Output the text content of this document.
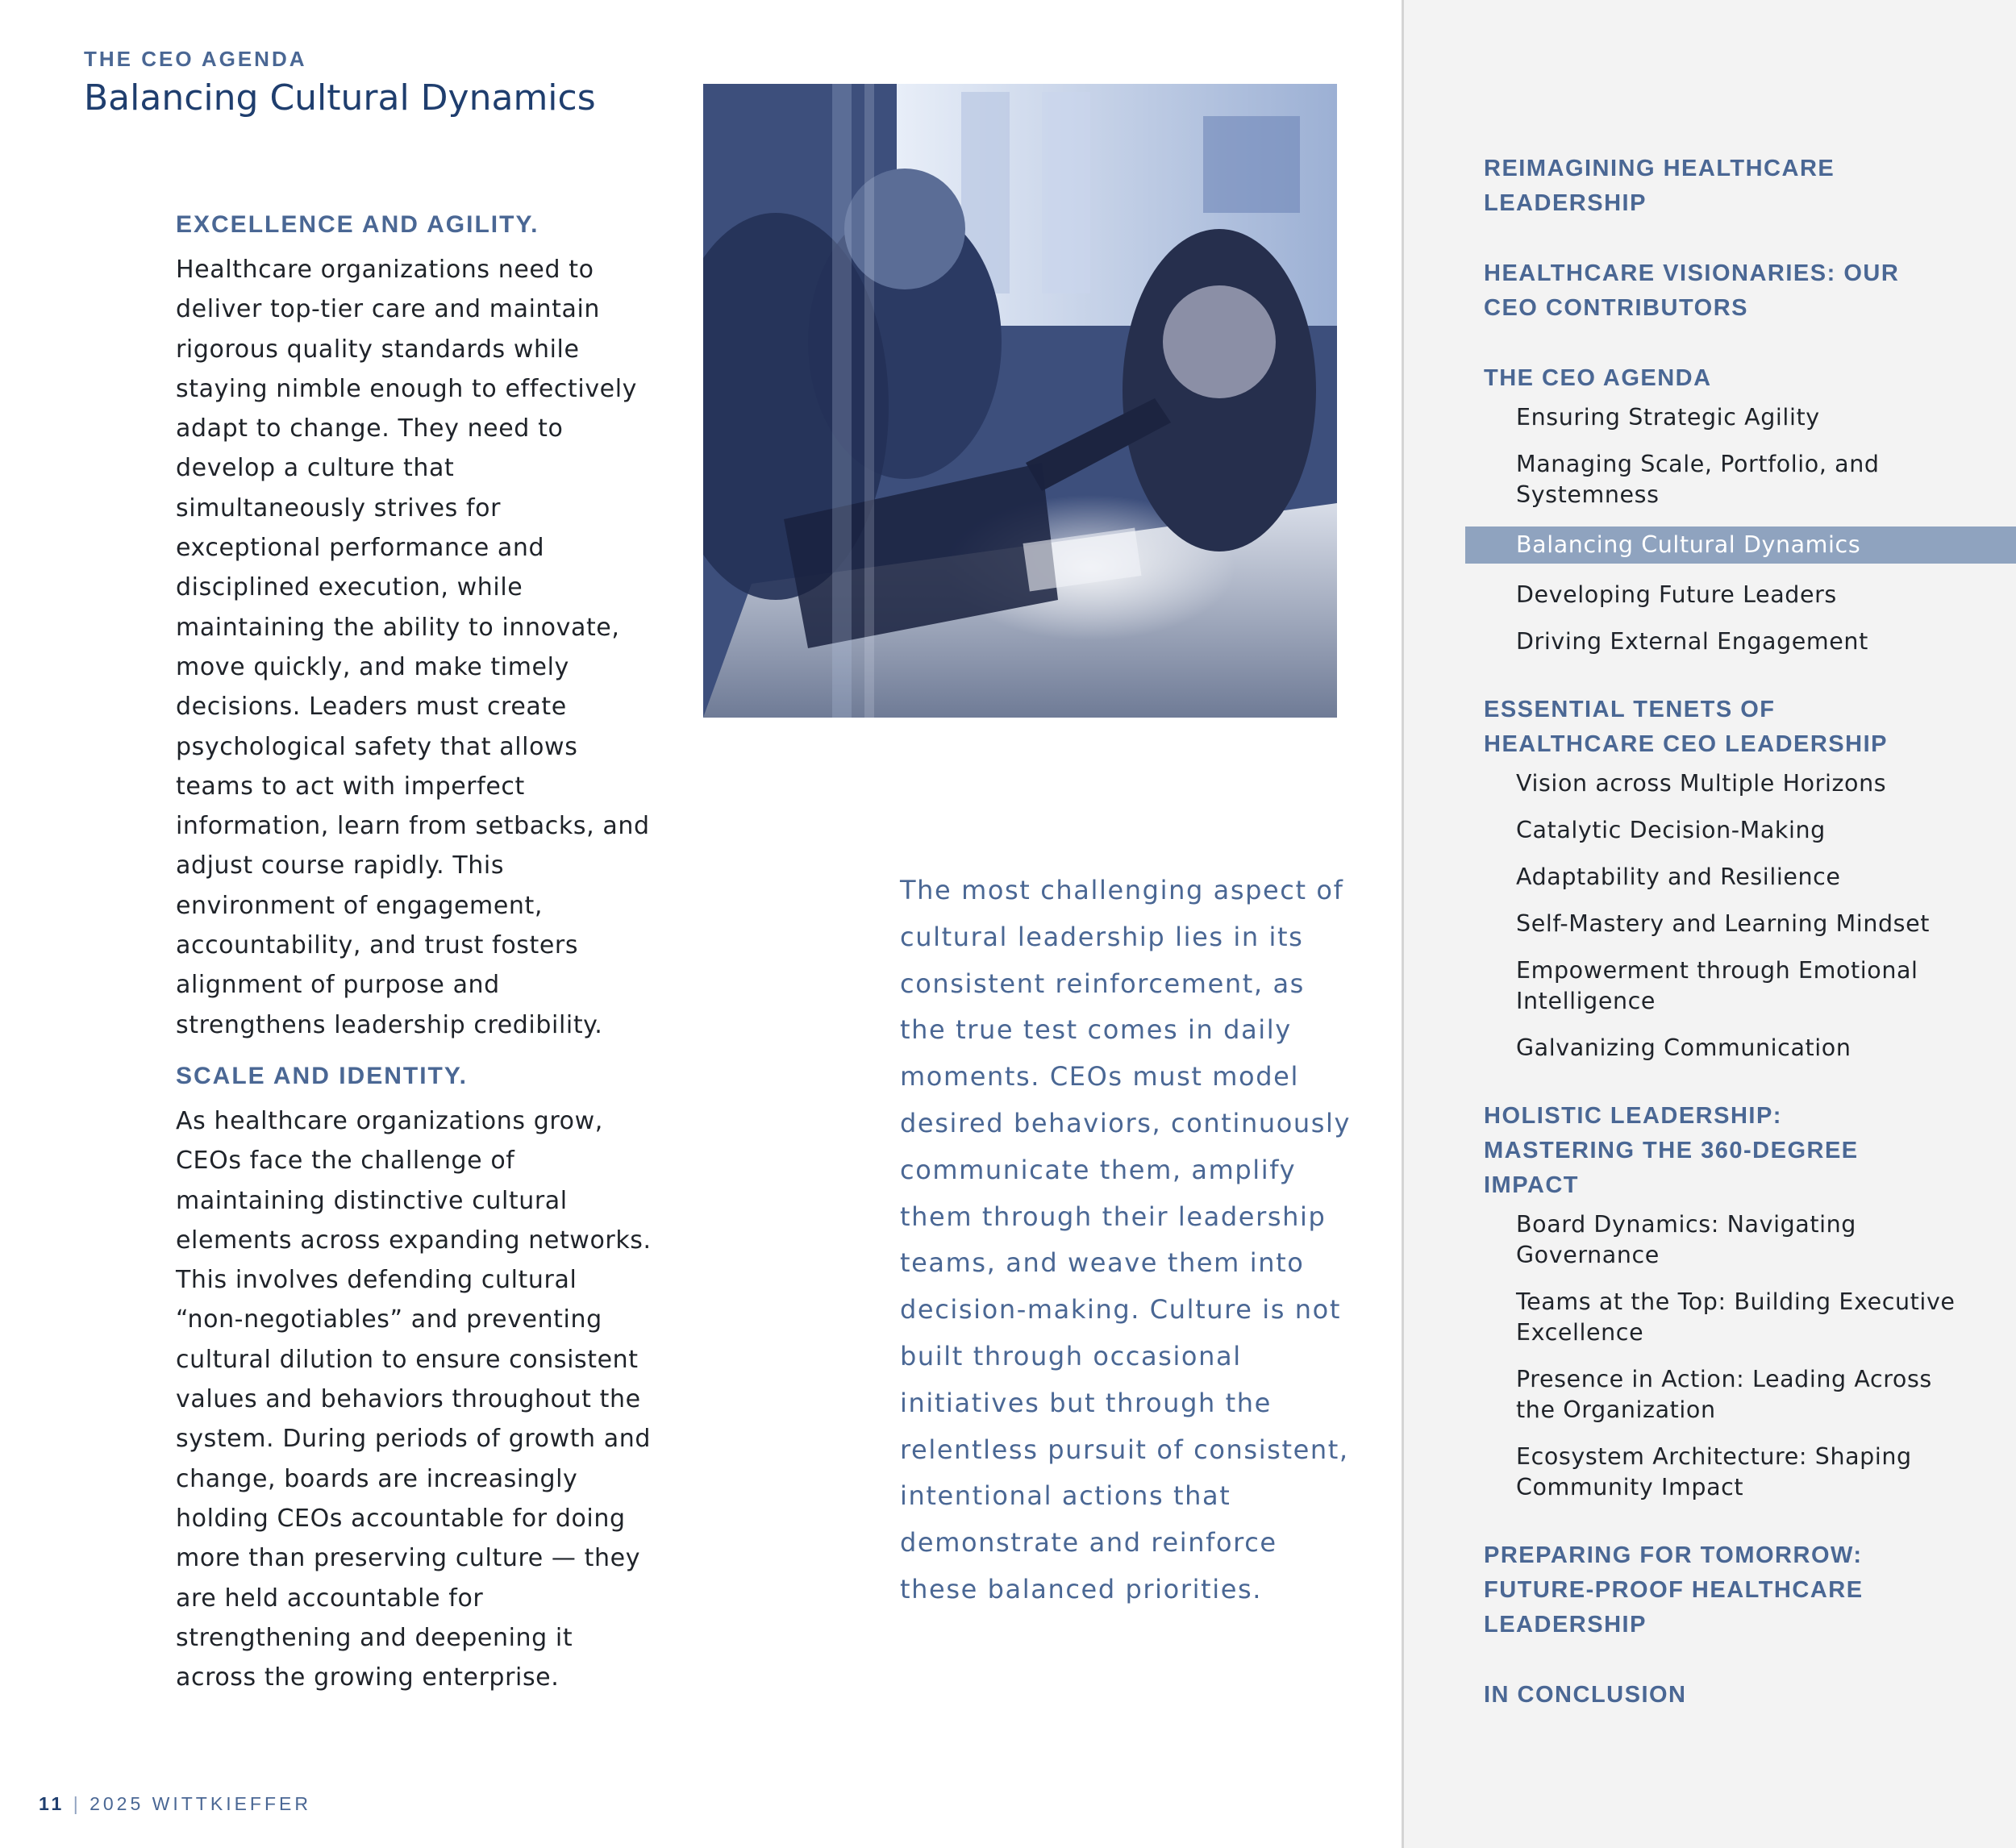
THE CEO AGENDA
Balancing Cultural Dynamics
EXCELLENCE AND AGILITY.
Healthcare organizations need to deliver top-tier care and maintain rigorous quality standards while staying nimble enough to effectively adapt to change. They need to develop a culture that simultaneously strives for exceptional performance and disciplined execution, while maintaining the ability to innovate, move quickly, and make timely decisions. Leaders must create psychological safety that allows teams to act with imperfect information, learn from setbacks, and adjust course rapidly. This environment of engagement, accountability, and trust fosters alignment of purpose and strengthens leadership credibility.
SCALE AND IDENTITY.
As healthcare organizations grow, CEOs face the challenge of maintaining distinctive cultural elements across expanding networks. This involves defending cultural “non-negotiables” and preventing cultural dilution to ensure consistent values and behaviors throughout the system. During periods of growth and change, boards are increasingly holding CEOs accountable for doing more than preserving culture — they are held accountable for strengthening and deepening it across the growing enterprise.
The most challenging aspect of cultural leadership lies in its consistent reinforcement, as the true test comes in daily moments. CEOs must model desired behaviors, continuously communicate them, amplify them through their leadership teams, and weave them into decision-making. Culture is not built through occasional initiatives but through the relentless pursuit of consistent, intentional actions that demonstrate and reinforce these balanced priorities.
11 | 2025 WITTKIEFFER
REIMAGINING HEALTHCARE LEADERSHIP
HEALTHCARE VISIONARIES: OUR CEO CONTRIBUTORS
THE CEO AGENDA
Ensuring Strategic Agility
Managing Scale, Portfolio, and Systemness
Balancing Cultural Dynamics
Developing Future Leaders
Driving External Engagement
ESSENTIAL TENETS OF HEALTHCARE CEO LEADERSHIP
Vision across Multiple Horizons
Catalytic Decision-Making
Adaptability and Resilience
Self-Mastery and Learning Mindset
Empowerment through Emotional Intelligence
Galvanizing Communication
HOLISTIC LEADERSHIP: MASTERING THE 360-DEGREE IMPACT
Board Dynamics: Navigating Governance
Teams at the Top: Building Executive Excellence
Presence in Action: Leading Across the Organization
Ecosystem Architecture: Shaping Community Impact
PREPARING FOR TOMORROW: FUTURE-PROOF HEALTHCARE LEADERSHIP
IN CONCLUSION
